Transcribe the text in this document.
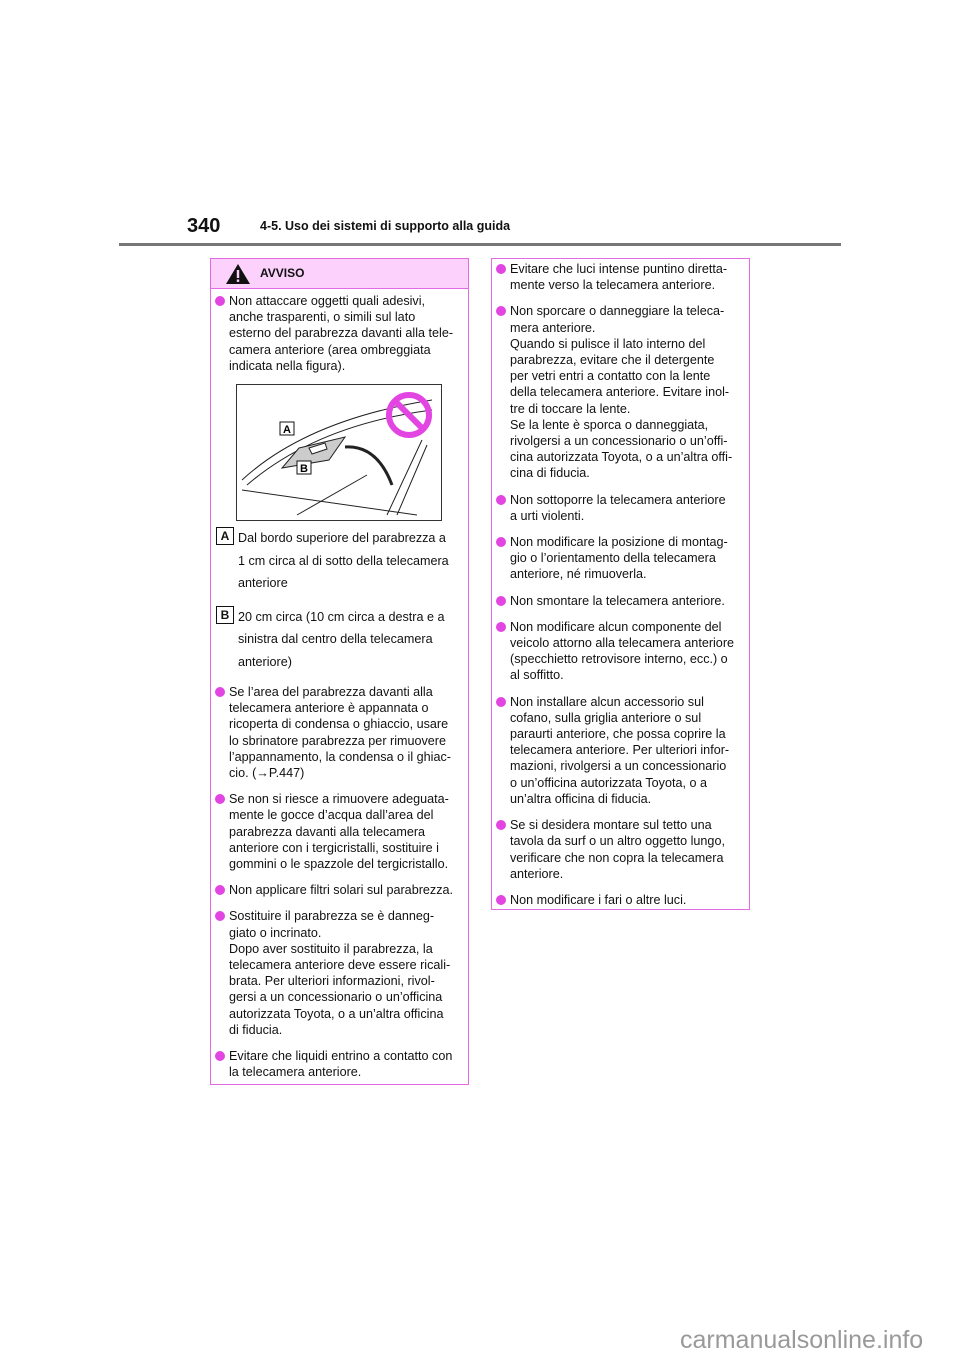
340	4-5. Uso dei sistemi di supporto alla guida
AVVISO
Non attaccare oggetti quali adesivi,
anche trasparenti, o simili sul lato
esterno del parabrezza davanti alla tele-
camera anteriore (area ombreggiata
indicata nella figura).
B
A
A Dal bordo superiore del parabrezza a
1 cm circa al di sotto della telecamera
anteriore
B 20 cm circa (10 cm circa a destra e a
sinistra dal centro della telecamera
anteriore)
Se l’area del parabrezza davanti alla
telecamera anteriore è appannata o
ricoperta di condensa o ghiaccio, usare
lo sbrinatore parabrezza per rimuovere
l’appannamento, la condensa o il ghiac-
cio. (→P.447)
Se non si riesce a rimuovere adeguata-
mente le gocce d’acqua dall’area del
parabrezza davanti alla telecamera
anteriore con i tergicristalli, sostituire i
gommini o le spazzole del tergicristallo.
Non applicare filtri solari sul parabrezza.
Sostituire il parabrezza se è danneg-
giato o incrinato.
Dopo aver sostituito il parabrezza, la
telecamera anteriore deve essere ricali-
brata. Per ulteriori informazioni, rivol-
gersi a un concessionario o un’officina
autorizzata Toyota, o a un’altra officina
di fiducia.
Evitare che liquidi entrino a contatto con
la telecamera anteriore.
Evitare che luci intense puntino diretta-
mente verso la telecamera anteriore.
Non sporcare o danneggiare la teleca-
mera anteriore.
Quando si pulisce il lato interno del
parabrezza, evitare che il detergente
per vetri entri a contatto con la lente
della telecamera anteriore. Evitare inol-
tre di toccare la lente.
Se la lente è sporca o danneggiata,
rivolgersi a un concessionario o un’offi-
cina autorizzata Toyota, o a un’altra offi-
cina di fiducia.
Non sottoporre la telecamera anteriore
a urti violenti.
Non modificare la posizione di montag-
gio o l’orientamento della telecamera
anteriore, né rimuoverla.
Non smontare la telecamera anteriore.
Non modificare alcun componente del
veicolo attorno alla telecamera anteriore
(specchietto retrovisore interno, ecc.) o
al soffitto.
Non installare alcun accessorio sul
cofano, sulla griglia anteriore o sul
paraurti anteriore, che possa coprire la
telecamera anteriore. Per ulteriori infor-
mazioni, rivolgersi a un concessionario
o un’officina autorizzata Toyota, o a
un’altra officina di fiducia.
Se si desidera montare sul tetto una
tavola da surf o un altro oggetto lungo,
verificare che non copra la telecamera
anteriore.
Non modificare i fari o altre luci.
carmanualsonline.info
